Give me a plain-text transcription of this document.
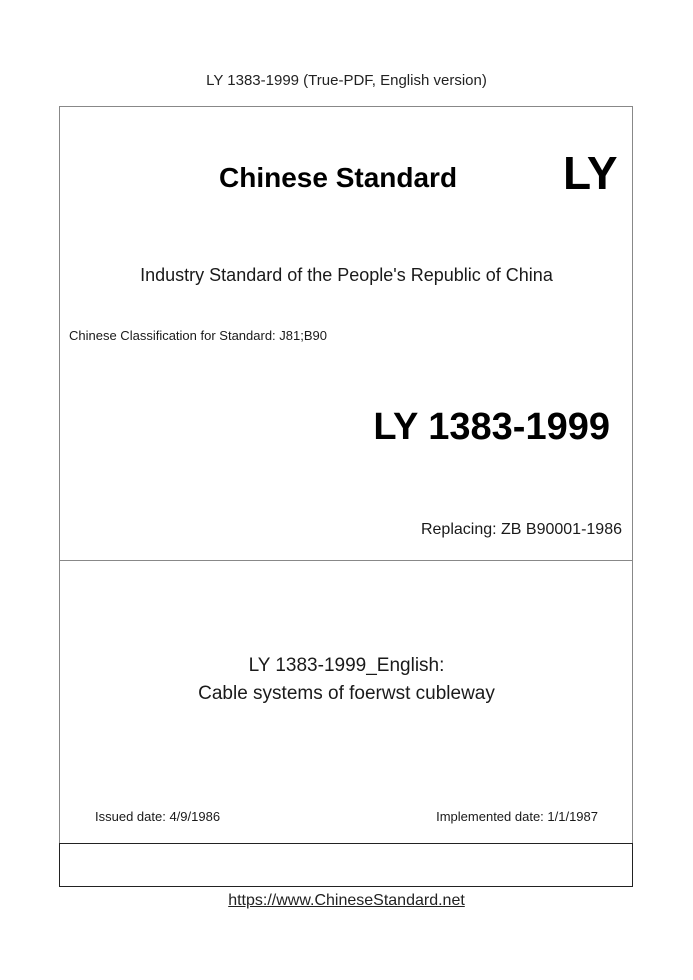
LY 1383-1999 (True-PDF, English version)
Chinese Standard LY
Industry Standard of the People's Republic of China
Chinese Classification for Standard: J81;B90
LY 1383-1999
Replacing: ZB B90001-1986
LY 1383-1999_English:
Cable systems of foerwst cubleway
Issued date: 4/9/1986	Implemented date: 1/1/1987
https://www.ChineseStandard.net
